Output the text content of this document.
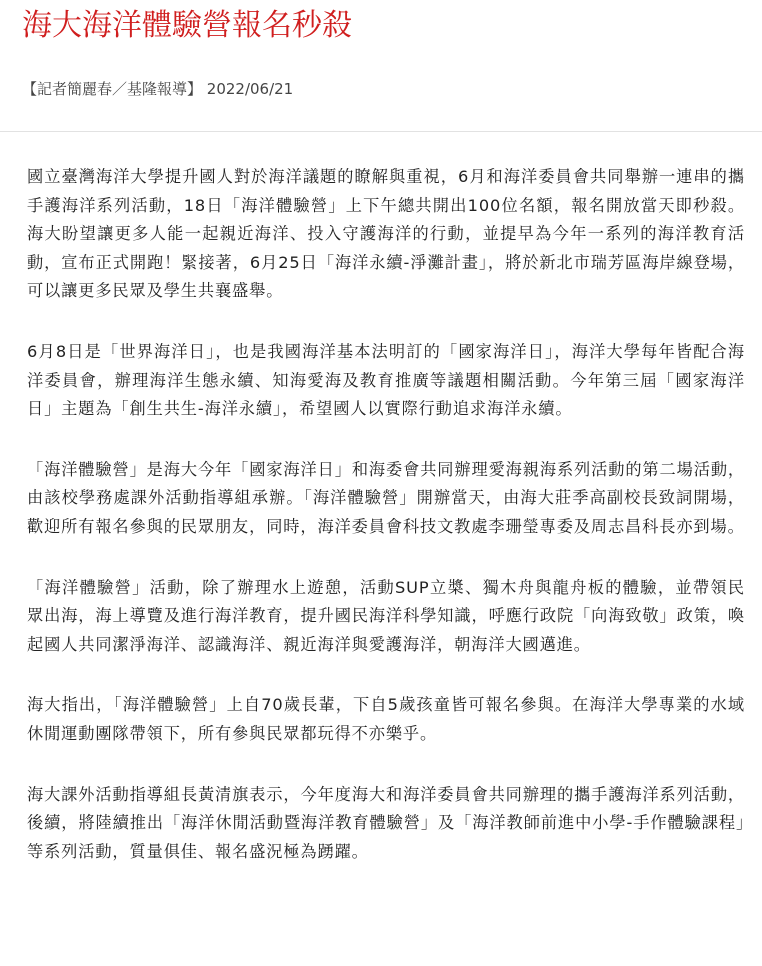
海大海洋體驗營報名秒殺
【記者簡麗春／基隆報導】 2022/06/21

國立臺灣海洋大學提升國人對於海洋議題的瞭解與重視，6月和海洋委員會共同舉辦一連串的攜手護海洋系列活動，18日「海洋體驗營」上下午總共開出100位名額，報名開放當天即秒殺。海大盼望讓更多人能一起親近海洋、投入守護海洋的行動，並提早為今年一系列的海洋教育活動，宣布正式開跑！緊接著，6月25日「海洋永續-淨灘計畫」，將於新北市瑞芳區海岸線登場，可以讓更多民眾及學生共襄盛舉。

6月8日是「世界海洋日」，也是我國海洋基本法明訂的「國家海洋日」，海洋大學每年皆配合海洋委員會，辦理海洋生態永續、知海愛海及教育推廣等議題相關活動。今年第三屆「國家海洋日」主題為「創生共生-海洋永續」，希望國人以實際行動追求海洋永續。

「海洋體驗營」是海大今年「國家海洋日」和海委會共同辦理愛海親海系列活動的第二場活動，由該校學務處課外活動指導組承辦。「海洋體驗營」開辦當天，由海大莊季高副校長致詞開場，歡迎所有報名參與的民眾朋友，同時，海洋委員會科技文教處李珊瑩專委及周志昌科長亦到場。

「海洋體驗營」活動，除了辦理水上遊憩，活動SUP立槳、獨木舟與龍舟板的體驗，並帶領民眾出海，海上導覽及進行海洋教育，提升國民海洋科學知識，呼應行政院「向海致敬」政策，喚起國人共同潔淨海洋、認識海洋、親近海洋與愛護海洋，朝海洋大國邁進。

海大指出，「海洋體驗營」上自70歲長輩，下自5歲孩童皆可報名參與。在海洋大學專業的水域休閒運動團隊帶領下，所有參與民眾都玩得不亦樂乎。

海大課外活動指導組長黃清旗表示，今年度海大和海洋委員會共同辦理的攜手護海洋系列活動，後續，將陸續推出「海洋休閒活動暨海洋教育體驗營」及「海洋教師前進中小學-手作體驗課程」等系列活動，質量俱佳、報名盛況極為踴躍。
